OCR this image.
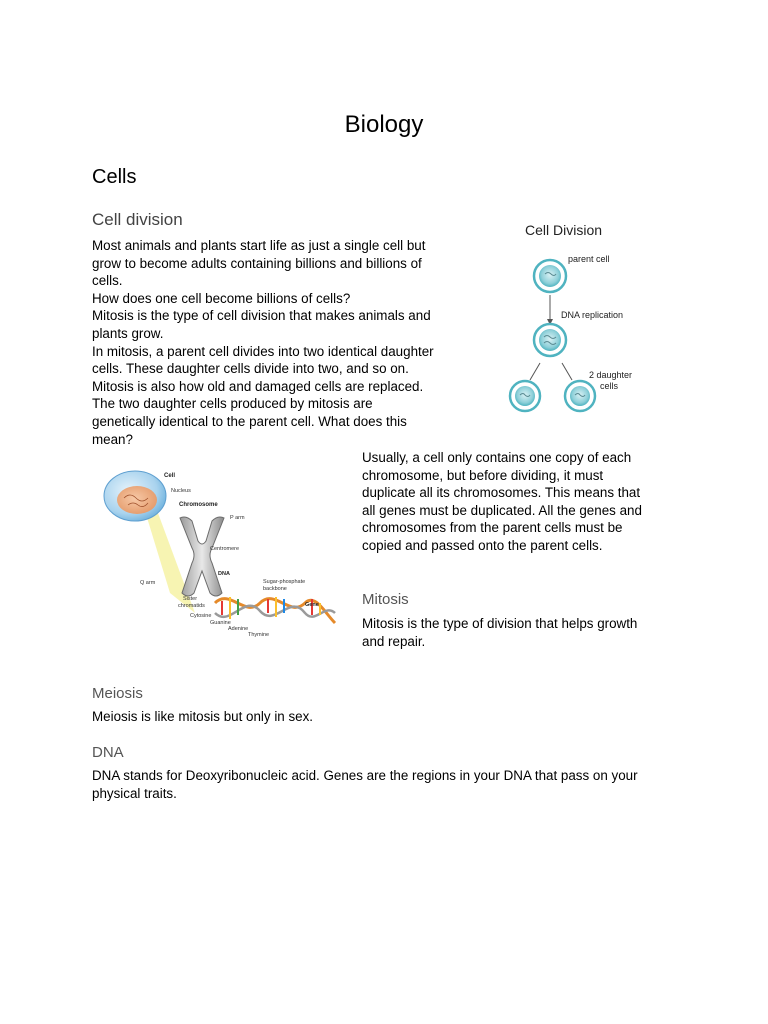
Biology
Cells
Cell division

Most animals and plants start life as just a single cell but
grow to become adults containing billions and billions of
cells.
How does one cell become billions of cells?
Mitosis is the type of cell division that makes animals and
plants grow.
In mitosis, a parent cell divides into two identical daughter
cells. These daughter cells divide into two, and so on.
Mitosis is also how old and damaged cells are replaced.
The two daughter cells produced by mitosis are
genetically identical to the parent cell. What does this
mean?

Cell Division
parent cell
DNA replication
2 daughter
cells
Cell
Nucleus
Chromosome
P arm
Centromere
DNA
Q arm
Sister
chromatids
Sugar-phosphate
backbone
Gene
Cytosine
Guanine
Adenine
Thymine

Usually, a cell only contains one copy of each
chromosome, but before dividing, it must
duplicate all its chromosomes. This means that
all genes must be duplicated. All the genes and
chromosomes from the parent cells must be
copied and passed onto the parent cells.

Mitosis

Mitosis is the type of division that helps growth
and repair.

Meiosis

Meiosis is like mitosis but only in sex.

DNA

DNA stands for Deoxyribonucleic acid. Genes are the regions in your DNA that pass on your
physical traits.
